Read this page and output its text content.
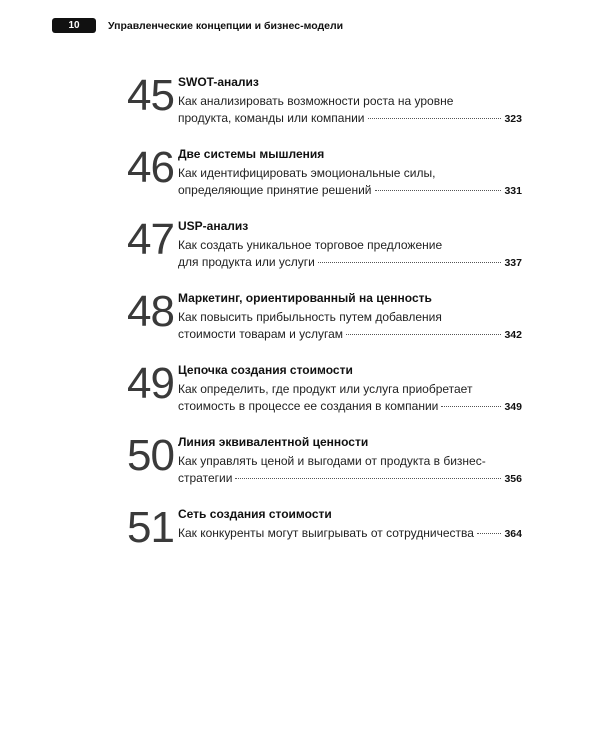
10	Управленческие концепции и бизнес-модели
45 SWOT-анализ
Как анализировать возможности роста на уровне
продукта, команды или компании	323
46 Две системы мышления
Как идентифицировать эмоциональные силы,
определяющие принятие решений	331
47 USP-анализ
Как создать уникальное торговое предложение
для продукта или услуги	337
48 Маркетинг, ориентированный на ценность
Как повысить прибыльность путем добавления
стоимости товарам и услугам	342
49 Цепочка создания стоимости
Как определить, где продукт или услуга приобретает
стоимость в процессе ее создания в компании	349
50 Линия эквивалентной ценности
Как управлять ценой и выгодами от продукта в бизнес-
стратегии	356
51 Сеть создания стоимости
Как конкуренты могут выигрывать от сотрудничества	364
